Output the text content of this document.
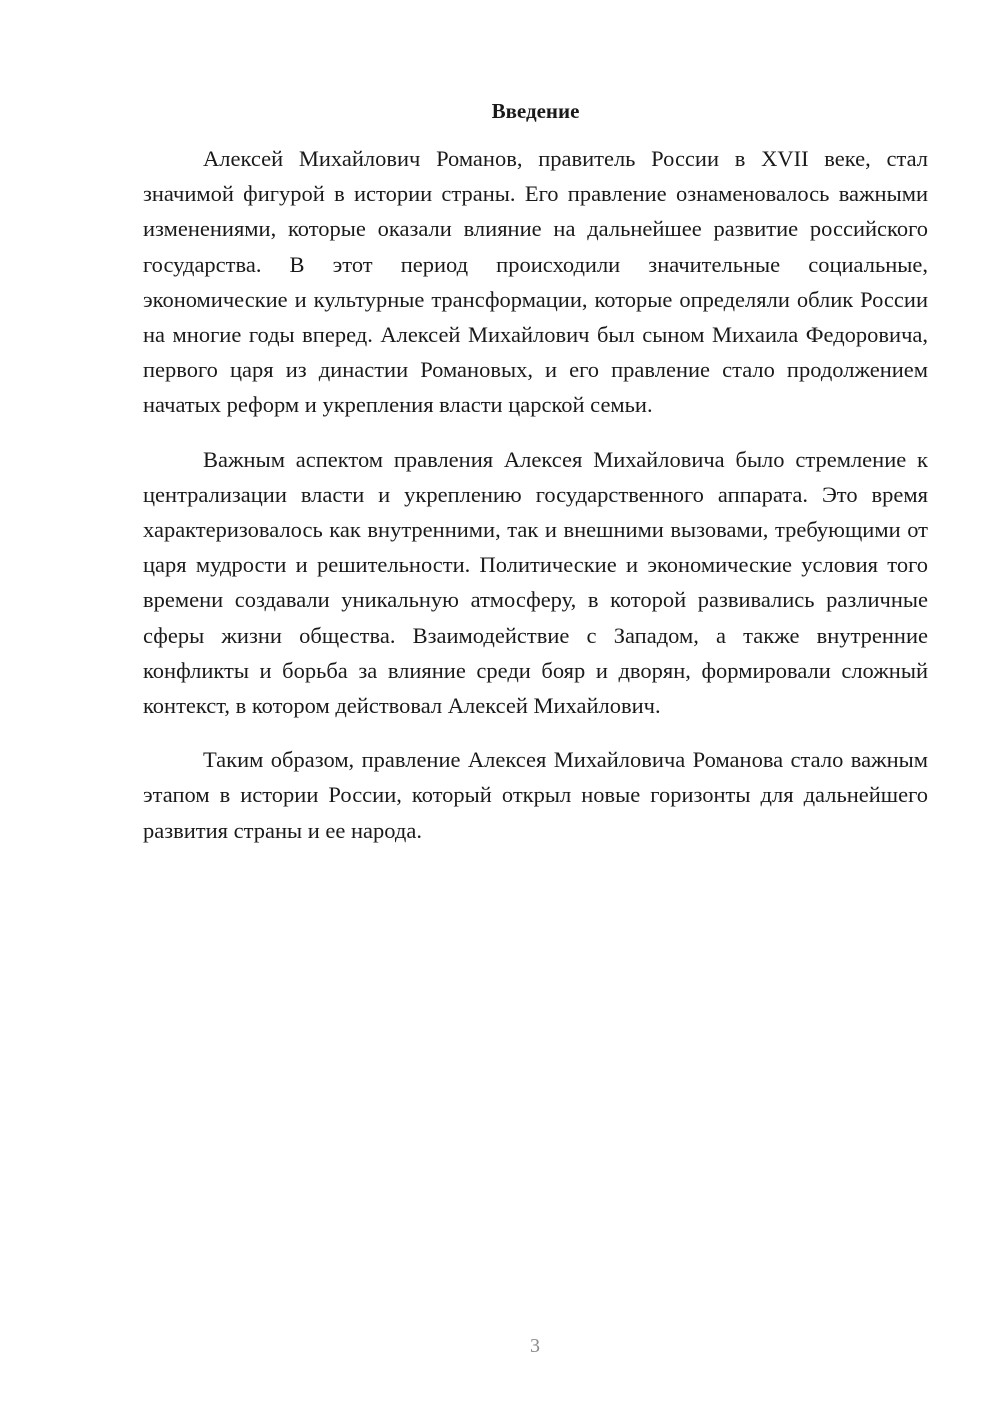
Введение

Алексей Михайлович Романов, правитель России в XVII веке, стал значимой фигурой в истории страны. Его правление ознаменовалось важными изменениями, которые оказали влияние на дальнейшее развитие российского государства. В этот период происходили значительные социальные, экономические и культурные трансформации, которые определяли облик России на многие годы вперед. Алексей Михайлович был сыном Михаила Федоровича, первого царя из династии Романовых, и его правление стало продолжением начатых реформ и укрепления власти царской семьи.

Важным аспектом правления Алексея Михайловича было стремление к централизации власти и укреплению государственного аппарата. Это время характеризовалось как внутренними, так и внешними вызовами, требующими от царя мудрости и решительности. Политические и экономические условия того времени создавали уникальную атмосферу, в которой развивались различные сферы жизни общества. Взаимодействие с Западом, а также внутренние конфликты и борьба за влияние среди бояр и дворян, формировали сложный контекст, в котором действовал Алексей Михайлович.

Таким образом, правление Алексея Михайловича Романова стало важным этапом в истории России, который открыл новые горизонты для дальнейшего развития страны и ее народа.

3
